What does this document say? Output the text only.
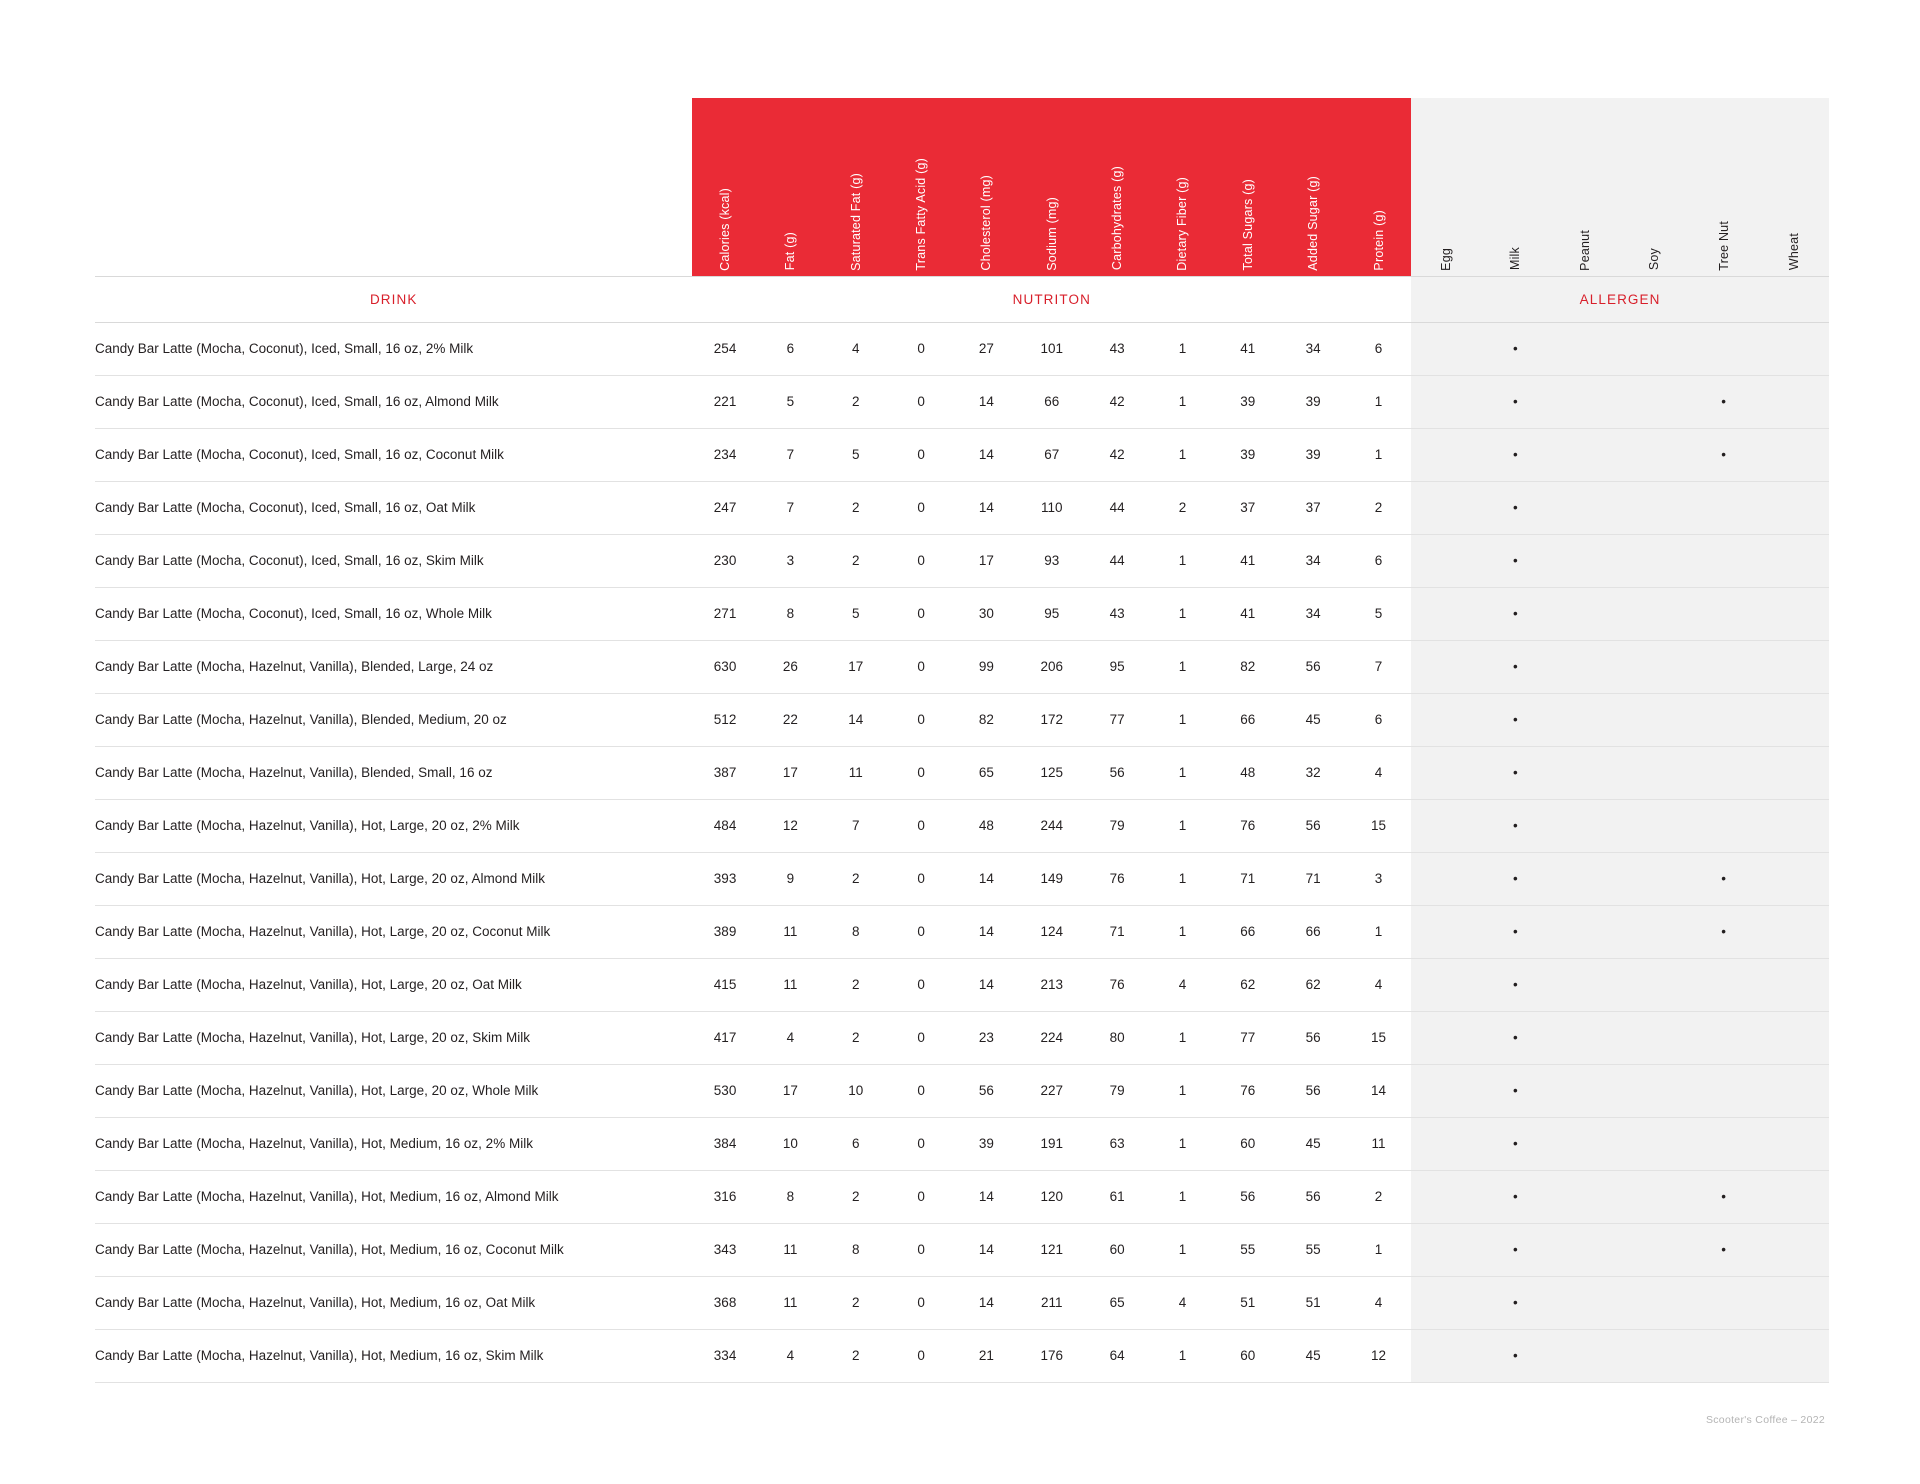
	Calories (kcal)	Fat (g)	Saturated Fat (g)	Trans Fatty Acid (g)	Cholesterol (mg)	Sodium (mg)	Carbohydrates (g)	Dietary Fiber (g)	Total Sugars (g)	Added Sugar (g)	Protein (g)	Egg	Milk	Peanut	Soy	Tree Nut	Wheat
DRINK	NUTRITON											ALLERGEN					
Candy Bar Latte (Mocha, Coconut), Iced, Small, 16 oz, 2% Milk	254	6	4	0	27	101	43	1	41	34	6		•				
Candy Bar Latte (Mocha, Coconut), Iced, Small, 16 oz, Almond Milk	221	5	2	0	14	66	42	1	39	39	1		•			•	
Candy Bar Latte (Mocha, Coconut), Iced, Small, 16 oz, Coconut Milk	234	7	5	0	14	67	42	1	39	39	1		•			•	
Candy Bar Latte (Mocha, Coconut), Iced, Small, 16 oz, Oat Milk	247	7	2	0	14	110	44	2	37	37	2		•				
Candy Bar Latte (Mocha, Coconut), Iced, Small, 16 oz, Skim Milk	230	3	2	0	17	93	44	1	41	34	6		•				
Candy Bar Latte (Mocha, Coconut), Iced, Small, 16 oz, Whole Milk	271	8	5	0	30	95	43	1	41	34	5		•				
Candy Bar Latte (Mocha, Hazelnut, Vanilla), Blended, Large, 24 oz	630	26	17	0	99	206	95	1	82	56	7		•				
Candy Bar Latte (Mocha, Hazelnut, Vanilla), Blended, Medium, 20 oz	512	22	14	0	82	172	77	1	66	45	6		•				
Candy Bar Latte (Mocha, Hazelnut, Vanilla), Blended, Small, 16 oz	387	17	11	0	65	125	56	1	48	32	4		•				
Candy Bar Latte (Mocha, Hazelnut, Vanilla), Hot, Large, 20 oz, 2% Milk	484	12	7	0	48	244	79	1	76	56	15		•				
Candy Bar Latte (Mocha, Hazelnut, Vanilla), Hot, Large, 20 oz, Almond Milk	393	9	2	0	14	149	76	1	71	71	3		•			•	
Candy Bar Latte (Mocha, Hazelnut, Vanilla), Hot, Large, 20 oz, Coconut Milk	389	11	8	0	14	124	71	1	66	66	1		•			•	
Candy Bar Latte (Mocha, Hazelnut, Vanilla), Hot, Large, 20 oz, Oat Milk	415	11	2	0	14	213	76	4	62	62	4		•				
Candy Bar Latte (Mocha, Hazelnut, Vanilla), Hot, Large, 20 oz, Skim Milk	417	4	2	0	23	224	80	1	77	56	15		•				
Candy Bar Latte (Mocha, Hazelnut, Vanilla), Hot, Large, 20 oz, Whole Milk	530	17	10	0	56	227	79	1	76	56	14		•				
Candy Bar Latte (Mocha, Hazelnut, Vanilla), Hot, Medium, 16 oz, 2% Milk	384	10	6	0	39	191	63	1	60	45	11		•				
Candy Bar Latte (Mocha, Hazelnut, Vanilla), Hot, Medium, 16 oz, Almond Milk	316	8	2	0	14	120	61	1	56	56	2		•			•	
Candy Bar Latte (Mocha, Hazelnut, Vanilla), Hot, Medium, 16 oz, Coconut Milk	343	11	8	0	14	121	60	1	55	55	1		•			•	
Candy Bar Latte (Mocha, Hazelnut, Vanilla), Hot, Medium, 16 oz, Oat Milk	368	11	2	0	14	211	65	4	51	51	4		•				
Candy Bar Latte (Mocha, Hazelnut, Vanilla), Hot, Medium, 16 oz, Skim Milk	334	4	2	0	21	176	64	1	60	45	12		•				
Scooter's Coffee – 2022
